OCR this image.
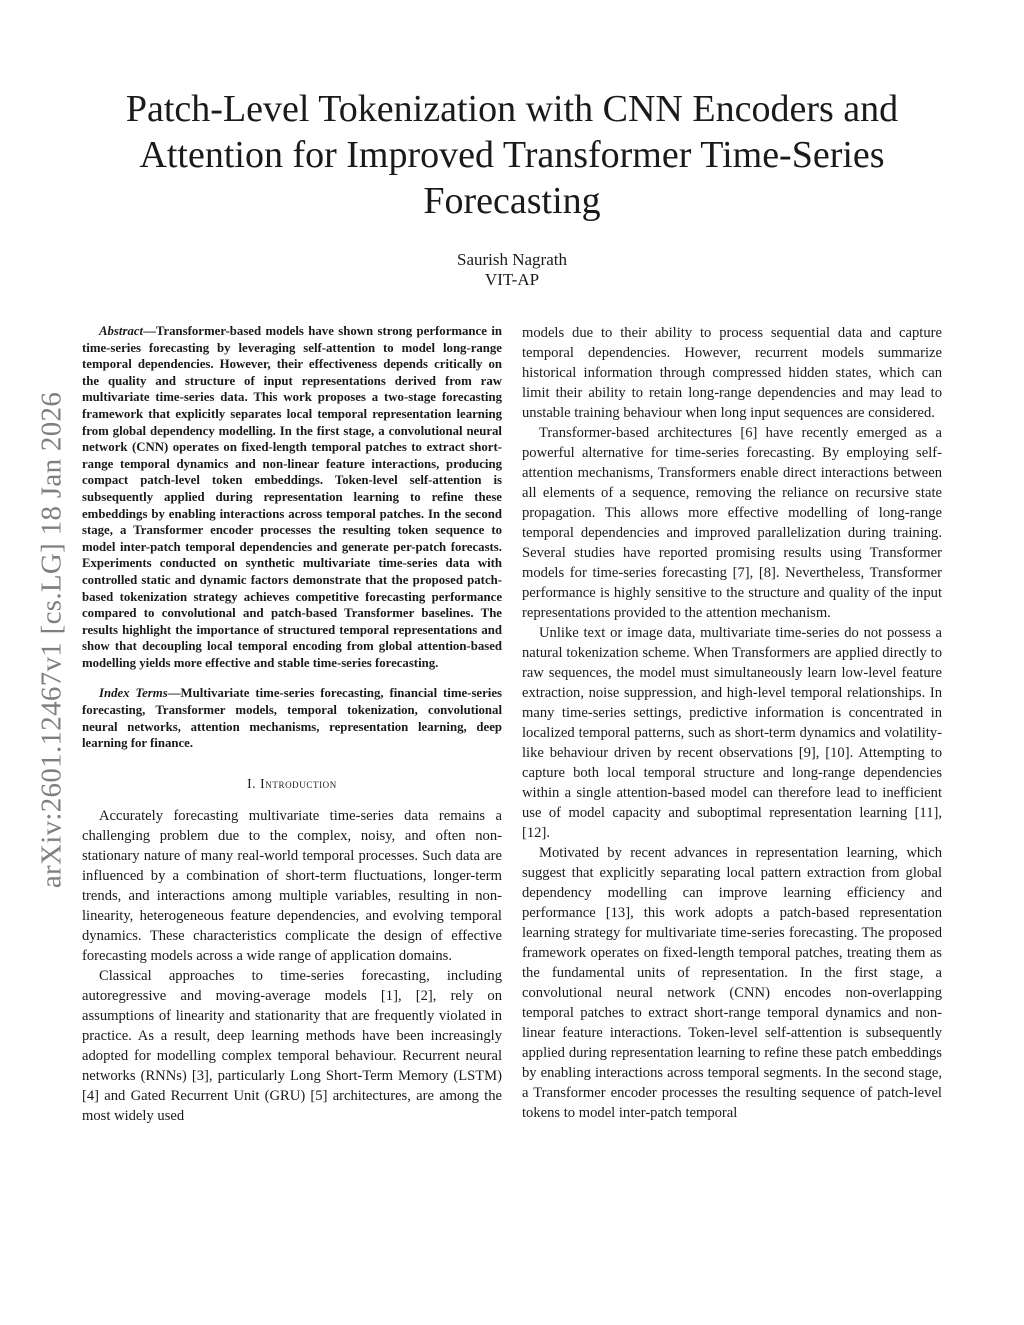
arXiv:2601.12467v1 [cs.LG] 18 Jan 2026
Patch-Level Tokenization with CNN Encoders and Attention for Improved Transformer Time-Series Forecasting
Saurish Nagrath
VIT-AP

Abstract—Transformer-based models have shown strong performance in time-series forecasting by leveraging self-attention to model long-range temporal dependencies. However, their effectiveness depends critically on the quality and structure of input representations derived from raw multivariate time-series data. This work proposes a two-stage forecasting framework that explicitly separates local temporal representation learning from global dependency modelling. In the first stage, a convolutional neural network (CNN) operates on fixed-length temporal patches to extract short-range temporal dynamics and non-linear feature interactions, producing compact patch-level token embeddings. Token-level self-attention is subsequently applied during representation learning to refine these embeddings by enabling interactions across temporal patches. In the second stage, a Transformer encoder processes the resulting token sequence to model inter-patch temporal dependencies and generate per-patch forecasts. Experiments conducted on synthetic multivariate time-series data with controlled static and dynamic factors demonstrate that the proposed patch-based tokenization strategy achieves competitive forecasting performance compared to convolutional and patch-based Transformer baselines. The results highlight the importance of structured temporal representations and show that decoupling local temporal encoding from global attention-based modelling yields more effective and stable time-series forecasting.

Index Terms—Multivariate time-series forecasting, financial time-series forecasting, Transformer models, temporal tokenization, convolutional neural networks, attention mechanisms, representation learning, deep learning for finance.

I. Introduction

Accurately forecasting multivariate time-series data remains a challenging problem due to the complex, noisy, and often non-stationary nature of many real-world temporal processes. Such data are influenced by a combination of short-term fluctuations, longer-term trends, and interactions among multiple variables, resulting in non-linearity, heterogeneous feature dependencies, and evolving temporal dynamics. These characteristics complicate the design of effective forecasting models across a wide range of application domains.

Classical approaches to time-series forecasting, including autoregressive and moving-average models [1], [2], rely on assumptions of linearity and stationarity that are frequently violated in practice. As a result, deep learning methods have been increasingly adopted for modelling complex temporal behaviour. Recurrent neural networks (RNNs) [3], particularly Long Short-Term Memory (LSTM) [4] and Gated Recurrent Unit (GRU) [5] architectures, are among the most widely used

models due to their ability to process sequential data and capture temporal dependencies. However, recurrent models summarize historical information through compressed hidden states, which can limit their ability to retain long-range dependencies and may lead to unstable training behaviour when long input sequences are considered.

Transformer-based architectures [6] have recently emerged as a powerful alternative for time-series forecasting. By employing self-attention mechanisms, Transformers enable direct interactions between all elements of a sequence, removing the reliance on recursive state propagation. This allows more effective modelling of long-range temporal dependencies and improved parallelization during training. Several studies have reported promising results using Transformer models for time-series forecasting [7], [8]. Nevertheless, Transformer performance is highly sensitive to the structure and quality of the input representations provided to the attention mechanism.

Unlike text or image data, multivariate time-series do not possess a natural tokenization scheme. When Transformers are applied directly to raw sequences, the model must simultaneously learn low-level feature extraction, noise suppression, and high-level temporal relationships. In many time-series settings, predictive information is concentrated in localized temporal patterns, such as short-term dynamics and volatility-like behaviour driven by recent observations [9], [10]. Attempting to capture both local temporal structure and long-range dependencies within a single attention-based model can therefore lead to inefficient use of model capacity and suboptimal representation learning [11], [12].

Motivated by recent advances in representation learning, which suggest that explicitly separating local pattern extraction from global dependency modelling can improve learning efficiency and performance [13], this work adopts a patch-based representation learning strategy for multivariate time-series forecasting. The proposed framework operates on fixed-length temporal patches, treating them as the fundamental units of representation. In the first stage, a convolutional neural network (CNN) encodes non-overlapping temporal patches to extract short-range temporal dynamics and non-linear feature interactions. Token-level self-attention is subsequently applied during representation learning to refine these patch embeddings by enabling interactions across temporal segments. In the second stage, a Transformer encoder processes the resulting sequence of patch-level tokens to model inter-patch temporal
